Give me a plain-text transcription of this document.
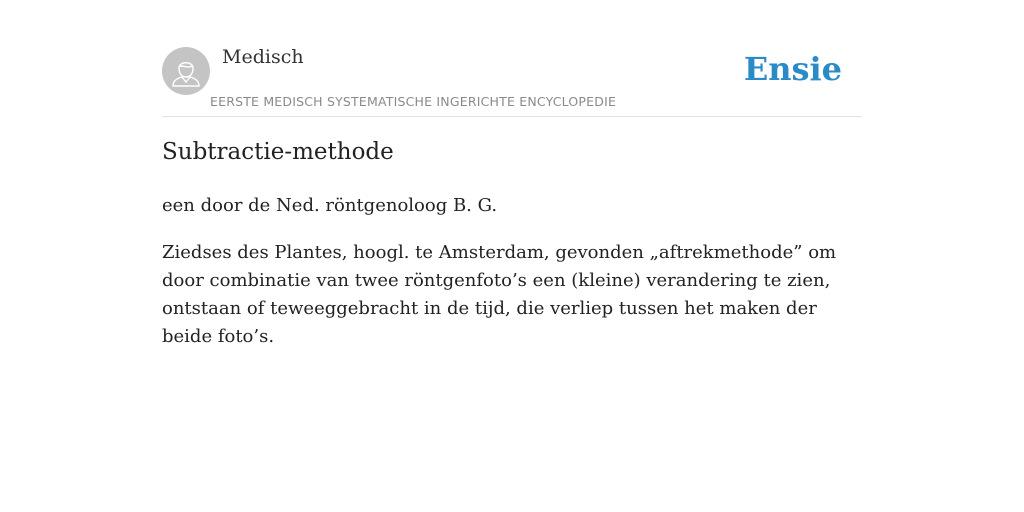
Medisch
EERSTE MEDISCH SYSTEMATISCHE INGERICHTE ENCYCLOPEDIE
Ensie
Subtractie-methode

een door de Ned. röntgenoloog B. G.

Ziedses des Plantes, hoogl. te Amsterdam, gevonden „aftrekmethode” om door combinatie van twee röntgenfoto’s een (kleine) verandering te zien, ontstaan of teweeggebracht in de tijd, die verliep tussen het maken der beide foto’s.
